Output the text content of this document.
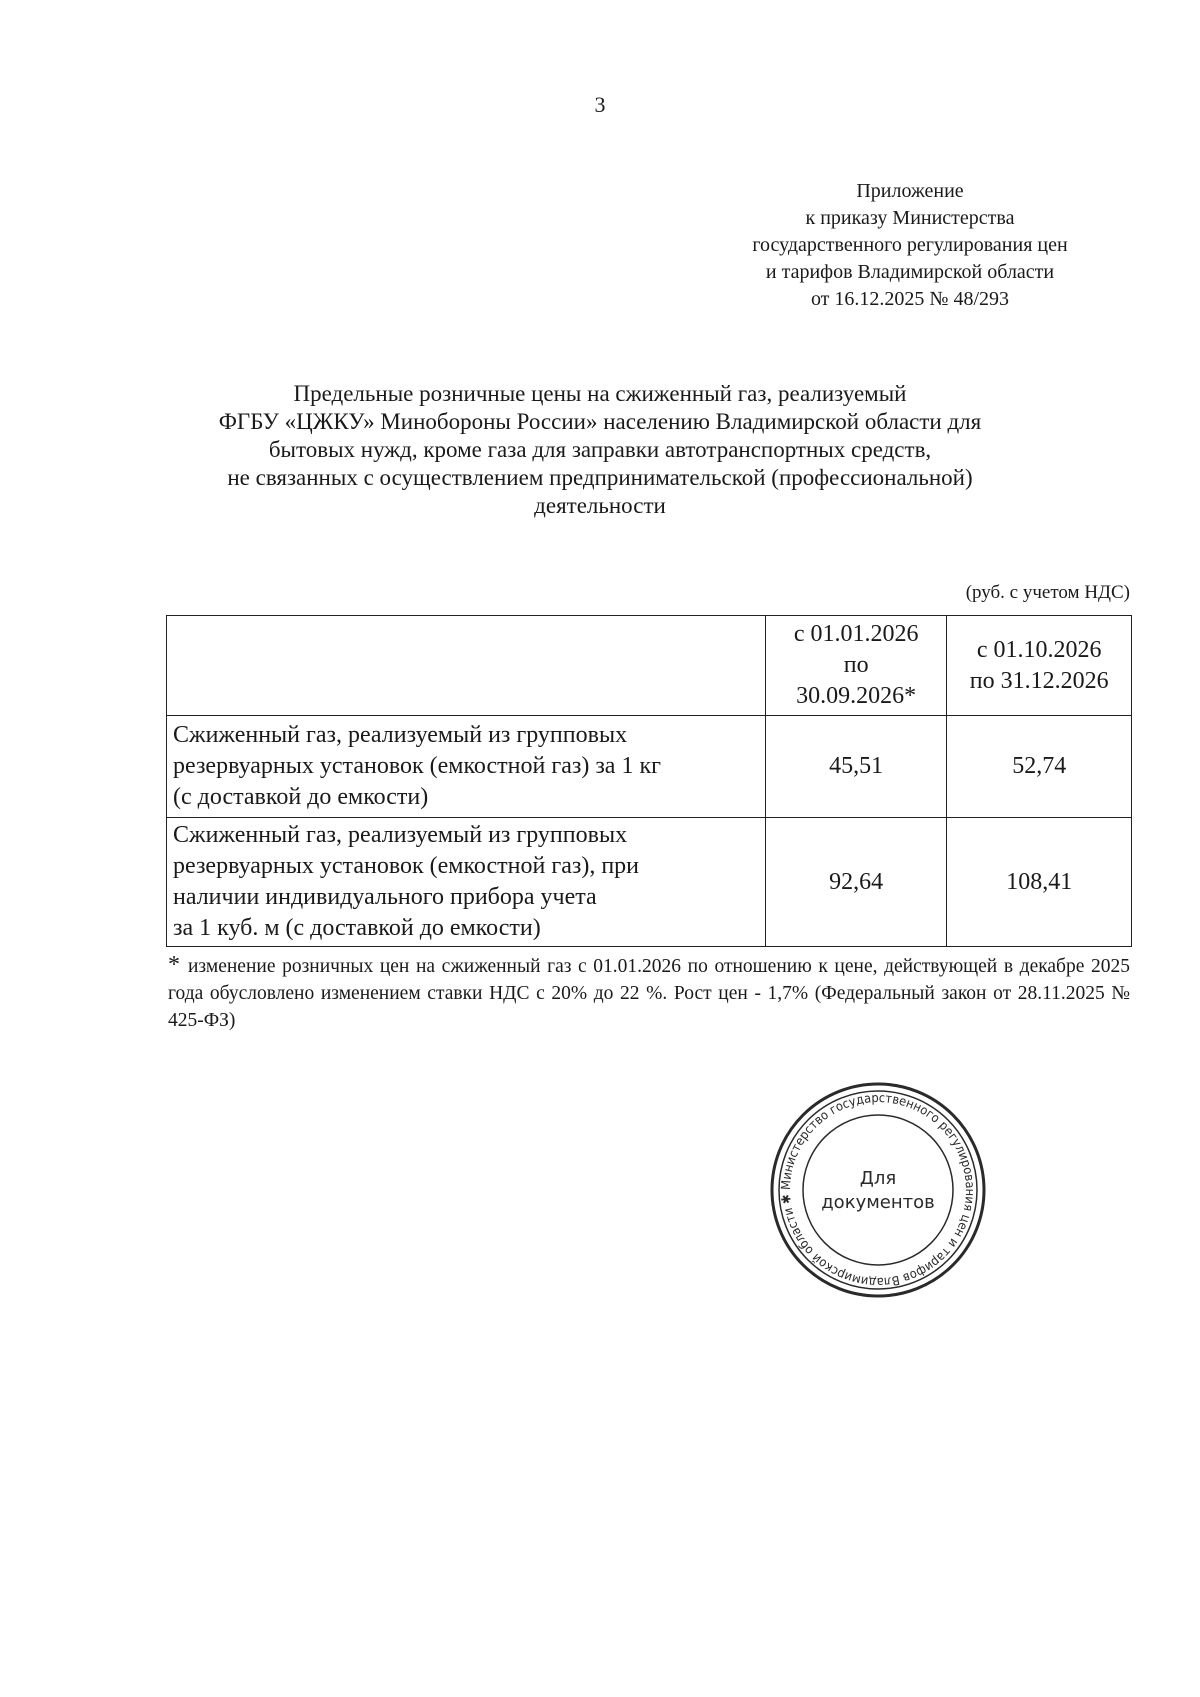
3
Приложение
к приказу Министерства
государственного регулирования цен
и тарифов Владимирской области
от 16.12.2025 № 48/293
Предельные розничные цены на сжиженный газ, реализуемый
ФГБУ «ЦЖКУ» Минобороны России» населению Владимирской области для
бытовых нужд, кроме газа для заправки автотранспортных средств,
не связанных с осуществлением предпринимательской (профессиональной)
деятельности
(руб. с учетом НДС)

	с 01.01.2026
по
30.09.2026*	с 01.10.2026
по 31.12.2026

Сжиженный газ, реализуемый из групповых
резервуарных установок (емкостной газ) за 1 кг
(с доставкой до емкости)	45,51	52,74

Сжиженный газ, реализуемый из групповых
резервуарных установок (емкостной газ), при
наличии индивидуального прибора учета
за 1 куб. м (с доставкой до емкости)	92,64	108,41
* изменение розничных цен на сжиженный газ с 01.01.2026 по отношению к цене, действующей в декабре 2025 года обусловлено изменением ставки НДС с 20% до 22 %. Рост цен - 1,7% (Федеральный закон от 28.11.2025 № 425-ФЗ)
Министерство государственного регулирования цен и тарифов Владимирской области ✱
Для
документов
